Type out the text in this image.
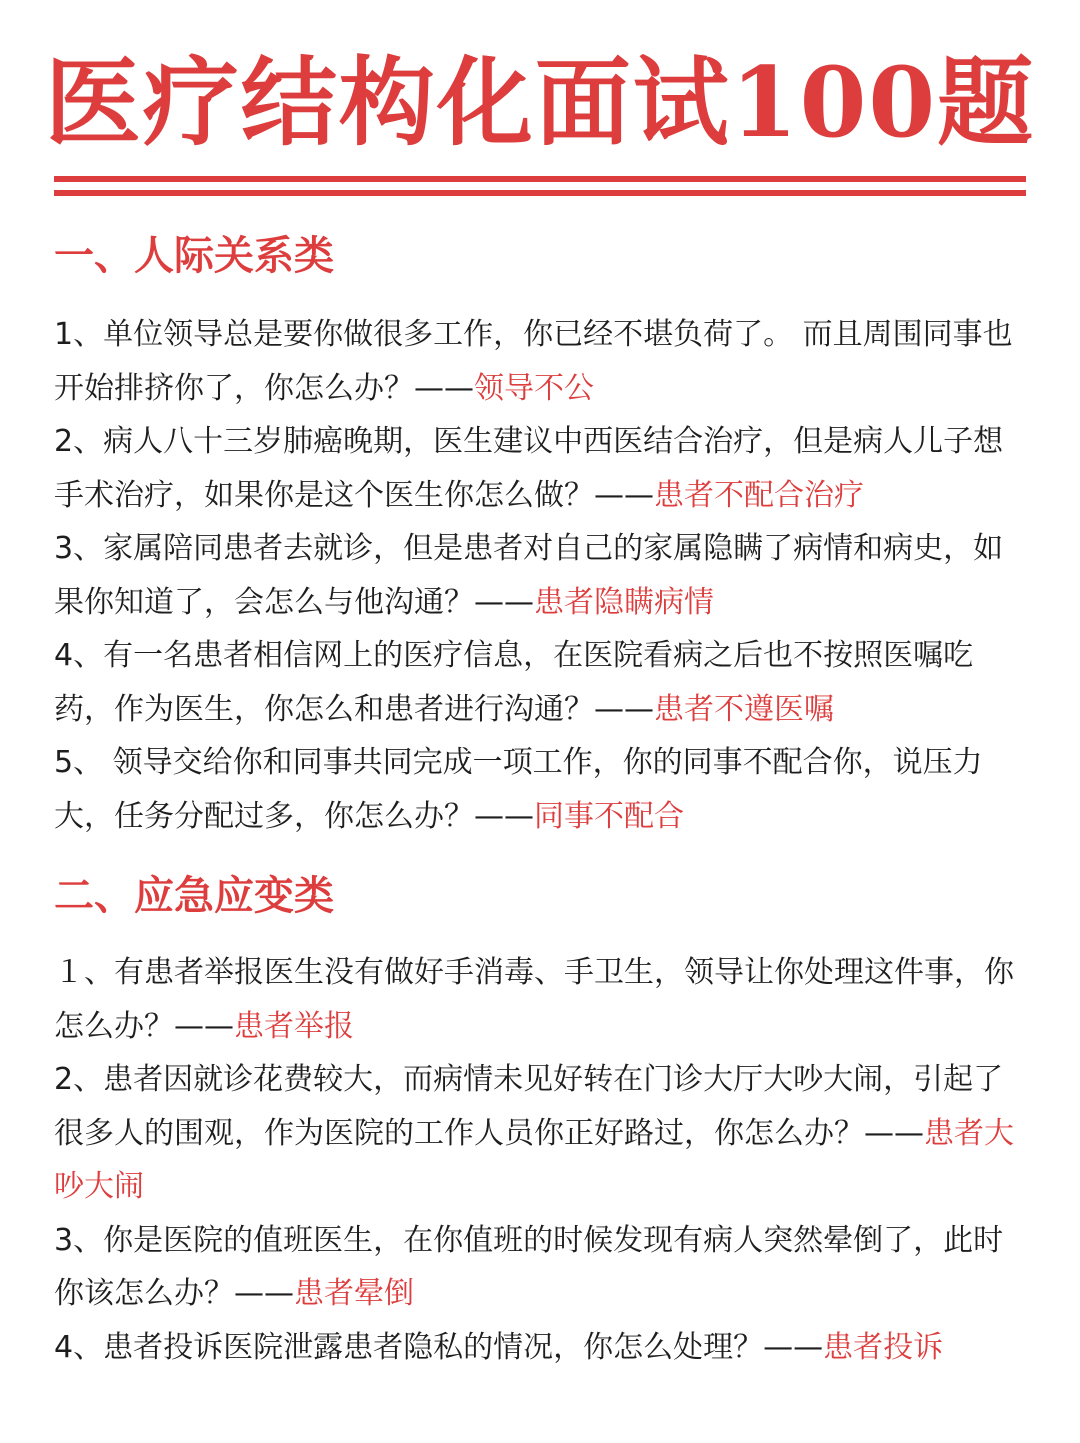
医疗结构化面试100题
一、人际关系类
1、单位领导总是要你做很多工作，你已经不堪负荷了。 而且周围同事也开始排挤你了，你怎么办？——领导不公
2、病人八十三岁肺癌晚期，医生建议中西医结合治疗，但是病人儿子想手术治疗，如果你是这个医生你怎么做？——患者不配合治疗
3、家属陪同患者去就诊，但是患者对自己的家属隐瞒了病情和病史，如果你知道了，会怎么与他沟通？——患者隐瞒病情
4、有一名患者相信网上的医疗信息，在医院看病之后也不按照医嘱吃药，作为医生，你怎么和患者进行沟通？——患者不遵医嘱
5、 领导交给你和同事共同完成一项工作，你的同事不配合你，说压力大，任务分配过多，你怎么办？——同事不配合
二、应急应变类
１、有患者举报医生没有做好手消毒、手卫生，领导让你处理这件事，你怎么办？——患者举报
2、患者因就诊花费较大，而病情未见好转在门诊大厅大吵大闹，引起了很多人的围观，作为医院的工作人员你正好路过，你怎么办？——患者大吵大闹
3、你是医院的值班医生，在你值班的时候发现有病人突然晕倒了，此时你该怎么办？——患者晕倒
4、患者投诉医院泄露患者隐私的情况，你怎么处理？——患者投诉
